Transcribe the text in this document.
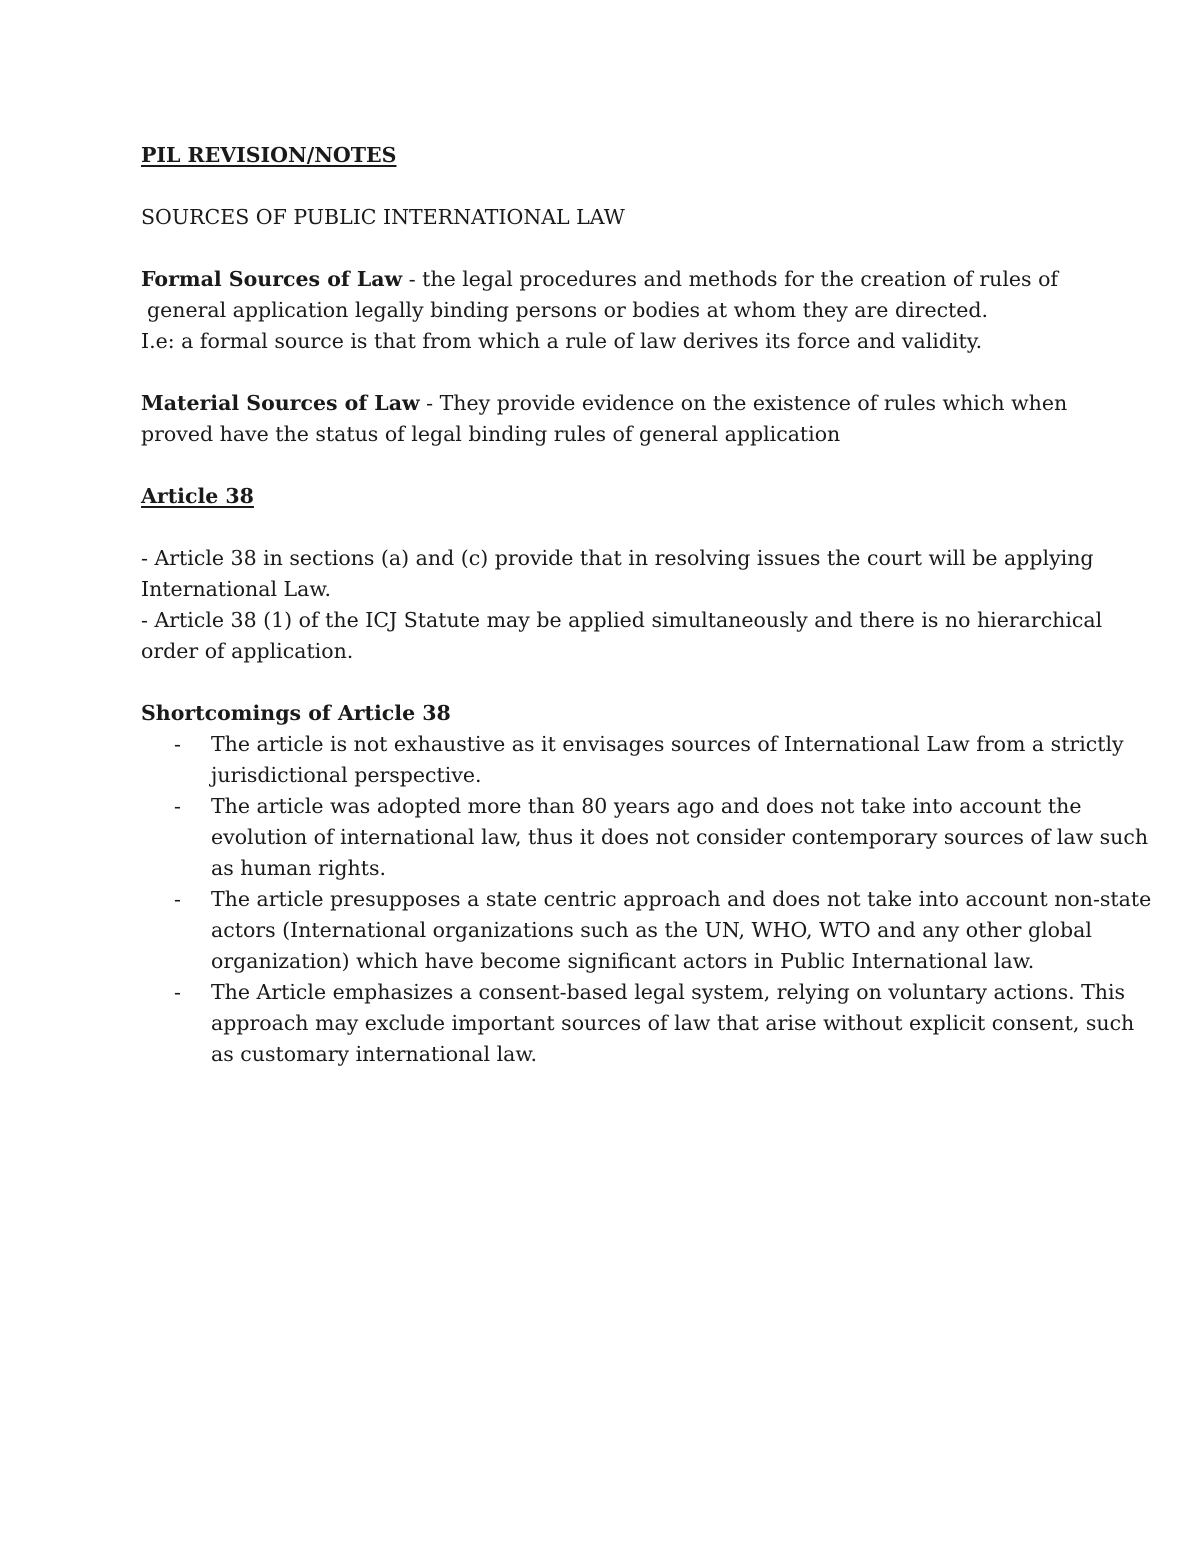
PIL REVISION/NOTES
SOURCES OF PUBLIC INTERNATIONAL LAW
Formal Sources of Law - the legal procedures and methods for the creation of rules of
general application legally binding persons or bodies at whom they are directed.
I.e: a formal source is that from which a rule of law derives its force and validity.
Material Sources of Law - They provide evidence on the existence of rules which when
proved have the status of legal binding rules of general application
Article 38
- Article 38 in sections (a) and (c) provide that in resolving issues the court will be applying
International Law.
- Article 38 (1) of the ICJ Statute may be applied simultaneously and there is no hierarchical
order of application.
Shortcomings of Article 38
- The article is not exhaustive as it envisages sources of International Law from a strictly
jurisdictional perspective.
- The article was adopted more than 80 years ago and does not take into account the
evolution of international law, thus it does not consider contemporary sources of law such
as human rights.
- The article presupposes a state centric approach and does not take into account non-state
actors (International organizations such as the UN, WHO, WTO and any other global
organization) which have become significant actors in Public International law.
- The Article emphasizes a consent-based legal system, relying on voluntary actions. This
approach may exclude important sources of law that arise without explicit consent, such
as customary international law.
